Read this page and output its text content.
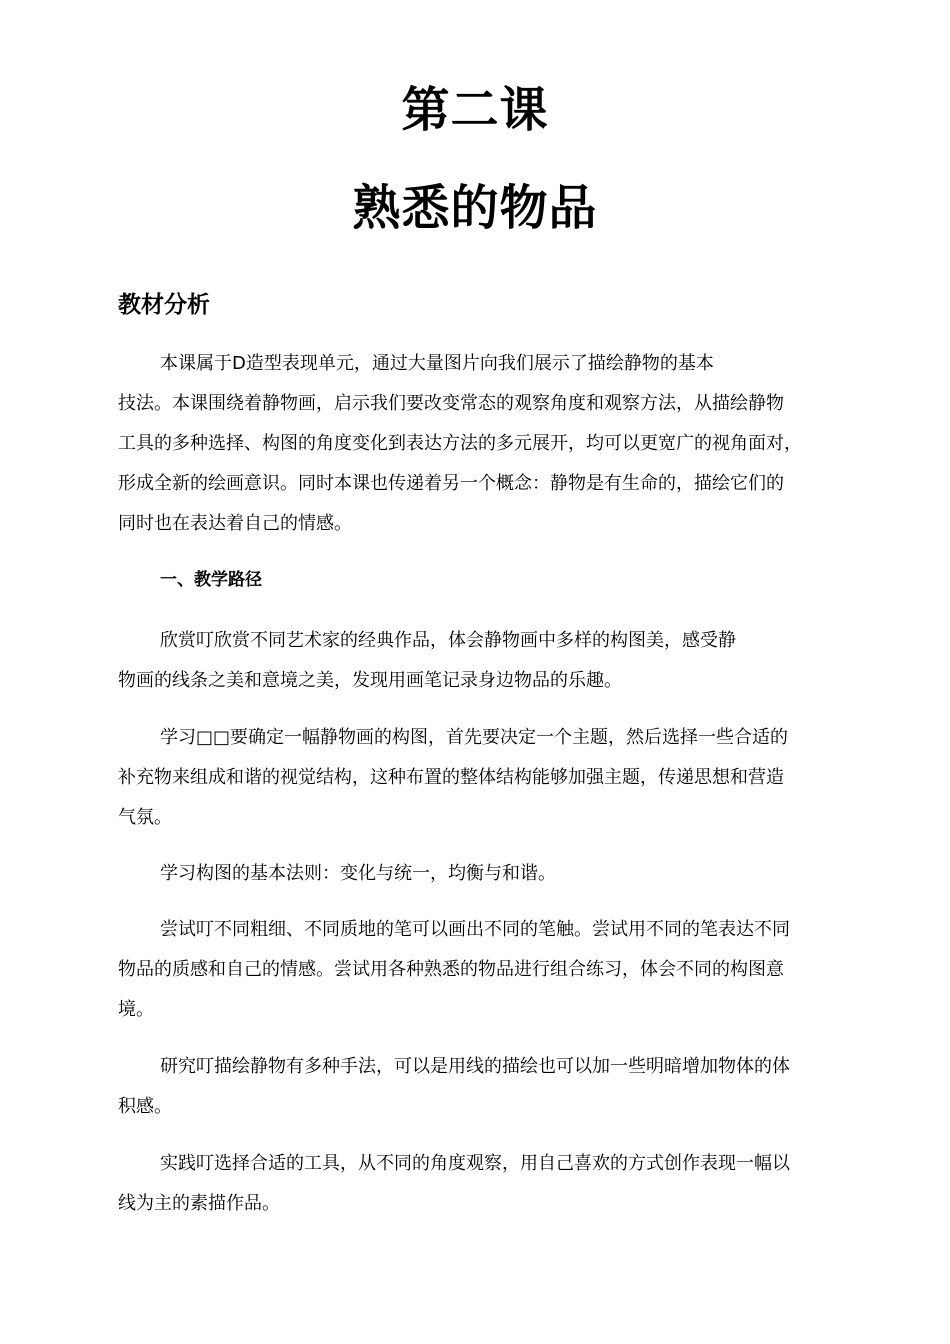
第二课
熟悉的物品
教材分析
本课属于D造型表现单元，通过大量图片向我们展示了描绘静物的基本
技法。本课围绕着静物画，启示我们要改变常态的观察角度和观察方法，从描绘静物
工具的多种选择、构图的角度变化到表达方法的多元展开，均可以更宽广的视角面对，
形成全新的绘画意识。同时本课也传递着另一个概念：静物是有生命的，描绘它们的
同时也在表达着自己的情感。
一、教学路径
欣赏叮欣赏不同艺术家的经典作品，体会静物画中多样的构图美，感受静
物画的线条之美和意境之美，发现用画笔记录身边物品的乐趣。
学习□□要确定一幅静物画的构图，首先要决定一个主题，然后选择一些合适的
补充物来组成和谐的视觉结构，这种布置的整体结构能够加强主题，传递思想和营造
气氛。
学习构图的基本法则：变化与统一，均衡与和谐。
尝试叮不同粗细、不同质地的笔可以画出不同的笔触。尝试用不同的笔表达不同
物品的质感和自己的情感。尝试用各种熟悉的物品进行组合练习，体会不同的构图意
境。
研究叮描绘静物有多种手法，可以是用线的描绘也可以加一些明暗增加物体的体
积感。
实践叮选择合适的工具，从不同的角度观察，用自己喜欢的方式创作表现一幅以
线为主的素描作品。
